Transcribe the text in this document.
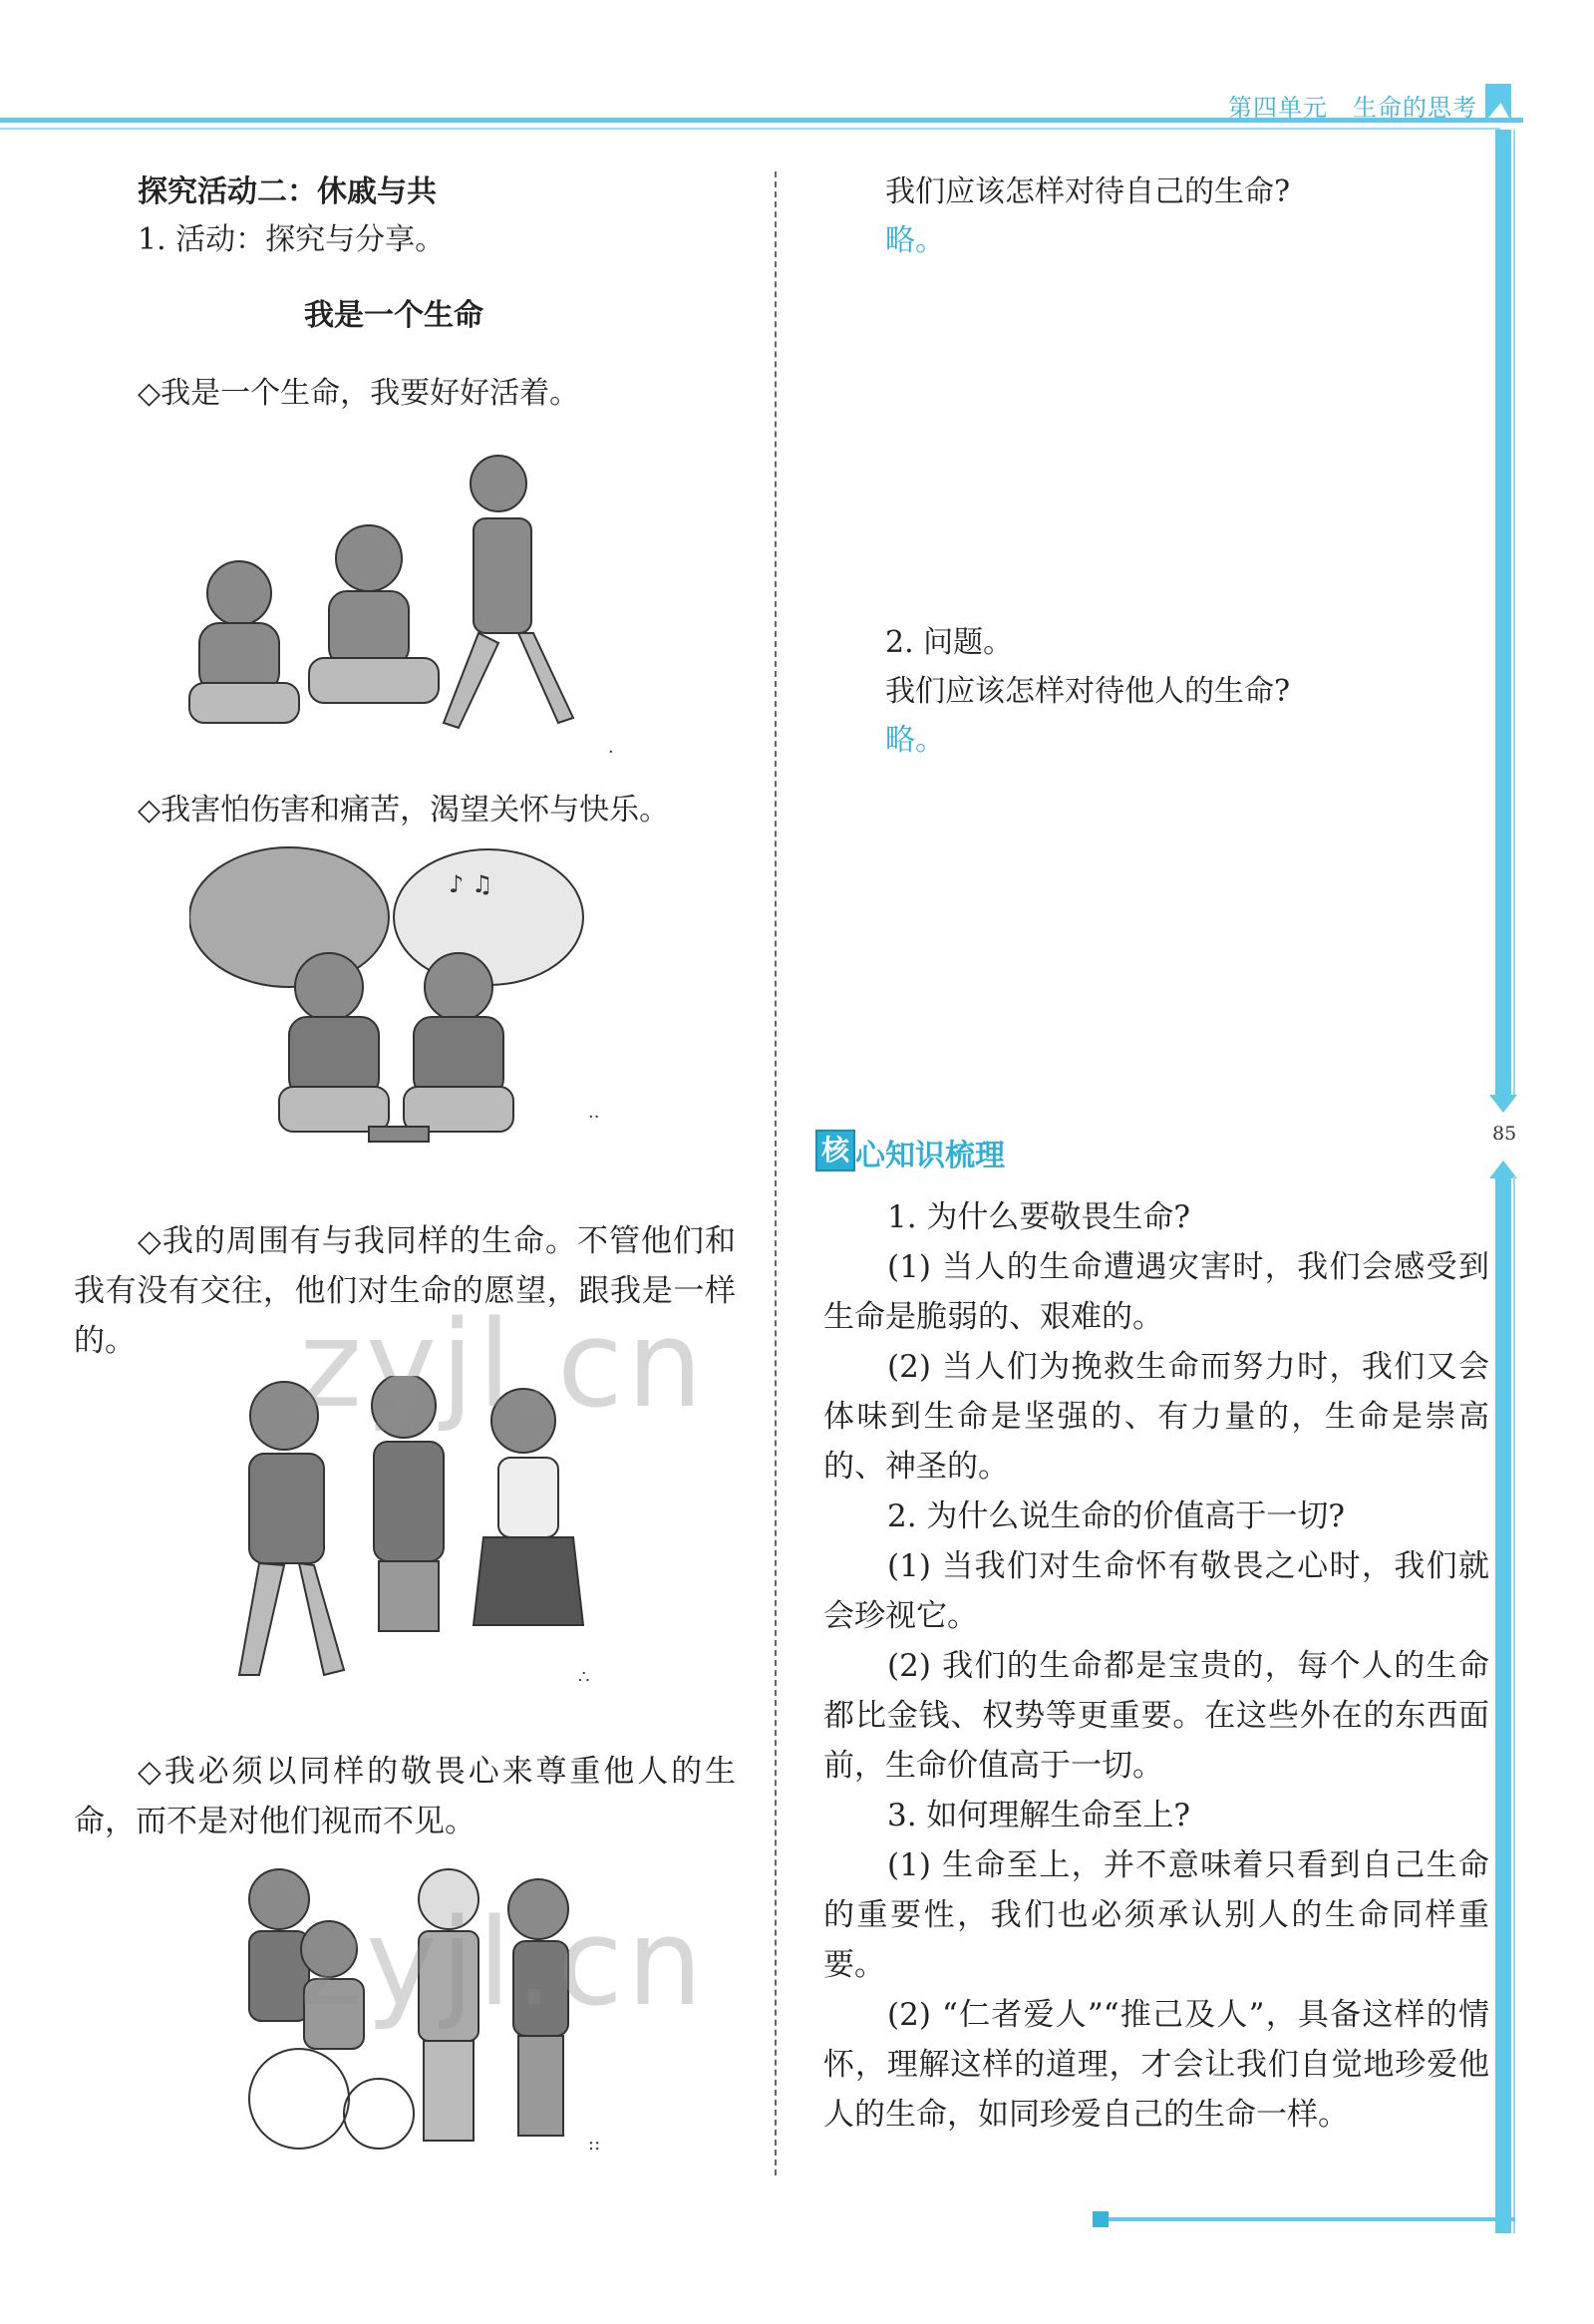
第四单元　生命的思考
85
探究活动二：休戚与共
1. 活动：探究与分享。
我是一个生命
◇我是一个生命，我要好好活着。
·
◇我害怕伤害和痛苦，渴望关怀与快乐。
♪ ♫
··
◇我的周围有与我同样的生命。不管他们和我有没有交往，他们对生命的愿望，跟我是一样的。
∴
◇我必须以同样的敬畏心来尊重他人的生命，而不是对他们视而不见。
::
我们应该怎样对待自己的生命?
略。
2. 问题。
我们应该怎样对待他人的生命?
略。
核 心知识梳理
1. 为什么要敬畏生命?
(1) 当人的生命遭遇灾害时，我们会感受到生命是脆弱的、艰难的。
(2) 当人们为挽救生命而努力时，我们又会体味到生命是坚强的、有力量的，生命是崇高的、神圣的。
2. 为什么说生命的价值高于一切?
(1) 当我们对生命怀有敬畏之心时，我们就会珍视它。
(2) 我们的生命都是宝贵的，每个人的生命都比金钱、权势等更重要。在这些外在的东西面前，生命价值高于一切。
3. 如何理解生命至上?
(1) 生命至上，并不意味着只看到自己生命的重要性，我们也必须承认别人的生命同样重要。
(2) “仁者爱人”“推己及人”，具备这样的情怀，理解这样的道理，才会让我们自觉地珍爱他人的生命，如同珍爱自己的生命一样。
zyjl.cn
zyjl.cn
